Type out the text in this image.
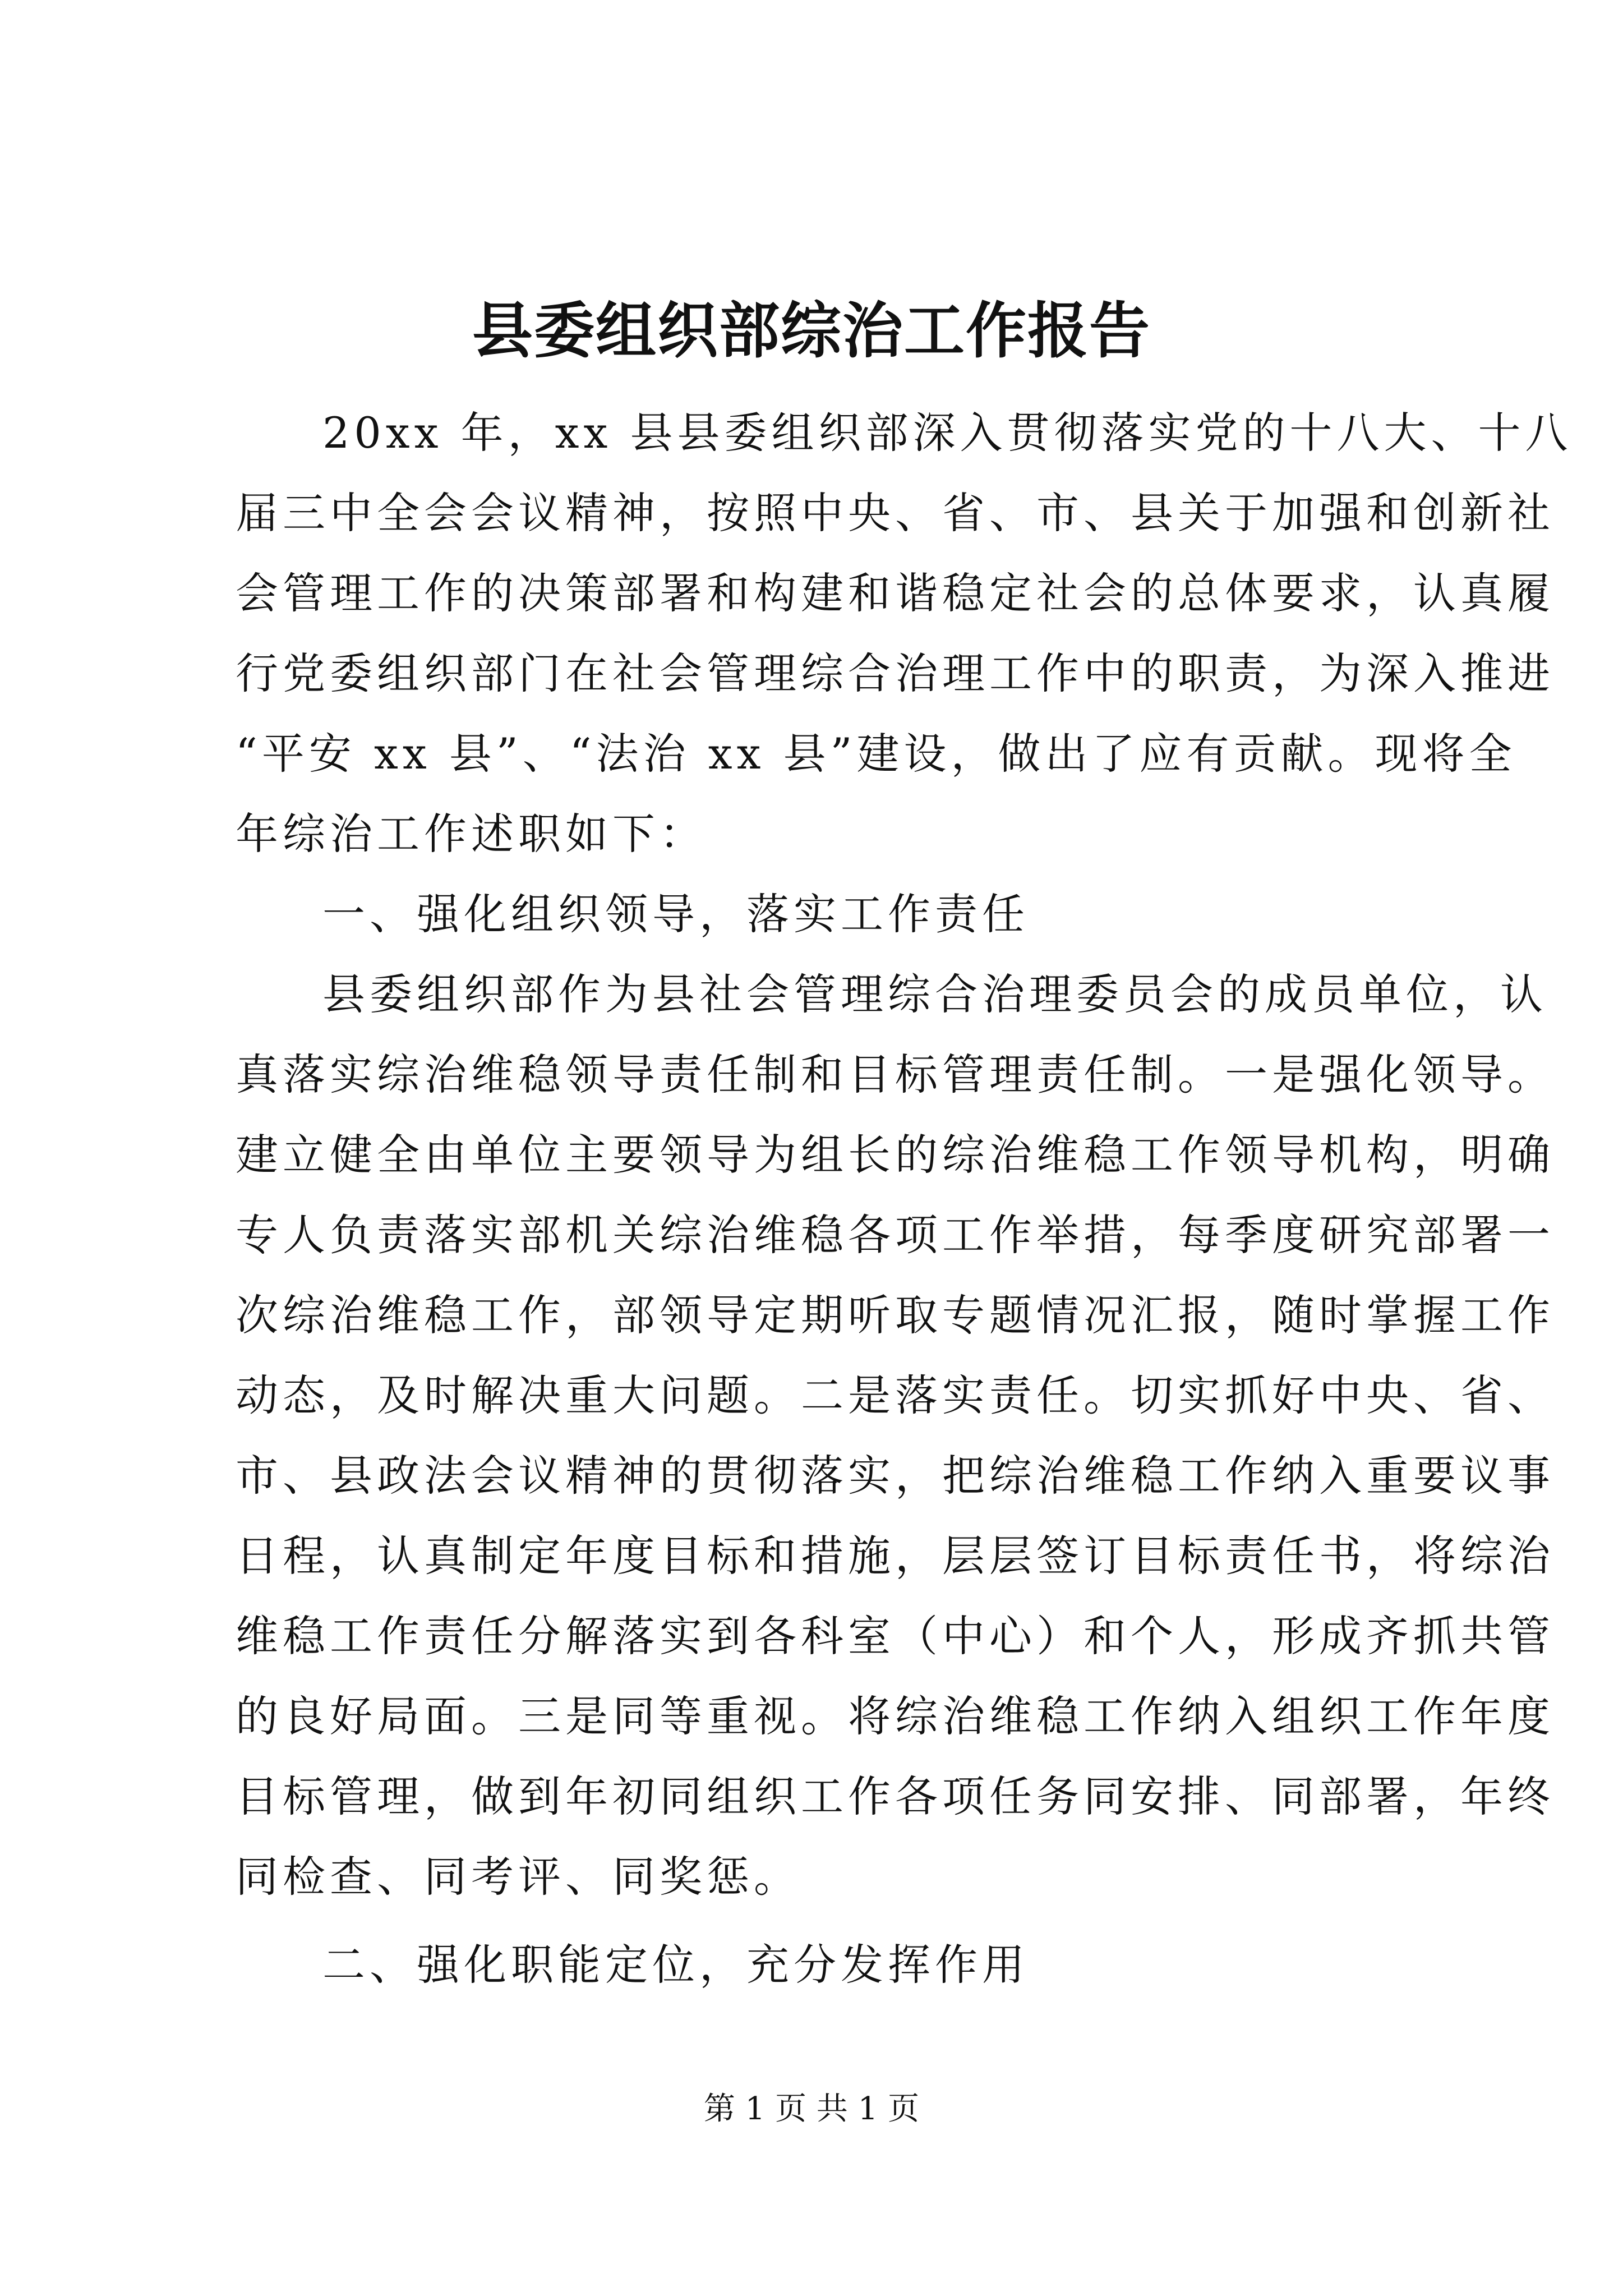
县委组织部综治工作报告
20xx 年，xx 县县委组织部深入贯彻落实党的十八大、十八
届三中全会会议精神，按照中央、省、市、县关于加强和创新社
会管理工作的决策部署和构建和谐稳定社会的总体要求，认真履
行党委组织部门在社会管理综合治理工作中的职责，为深入推进
“平安 xx 县”、“法治 xx 县”建设，做出了应有贡献。现将全
年综治工作述职如下：
一、强化组织领导，落实工作责任
县委组织部作为县社会管理综合治理委员会的成员单位，认
真落实综治维稳领导责任制和目标管理责任制。一是强化领导。
建立健全由单位主要领导为组长的综治维稳工作领导机构，明确
专人负责落实部机关综治维稳各项工作举措，每季度研究部署一
次综治维稳工作，部领导定期听取专题情况汇报，随时掌握工作
动态，及时解决重大问题。二是落实责任。切实抓好中央、省、
市、县政法会议精神的贯彻落实，把综治维稳工作纳入重要议事
日程，认真制定年度目标和措施，层层签订目标责任书，将综治
维稳工作责任分解落实到各科室（中心）和个人，形成齐抓共管
的良好局面。三是同等重视。将综治维稳工作纳入组织工作年度
目标管理，做到年初同组织工作各项任务同安排、同部署，年终
同检查、同考评、同奖惩。
二、强化职能定位，充分发挥作用
第 1 页 共 1 页
